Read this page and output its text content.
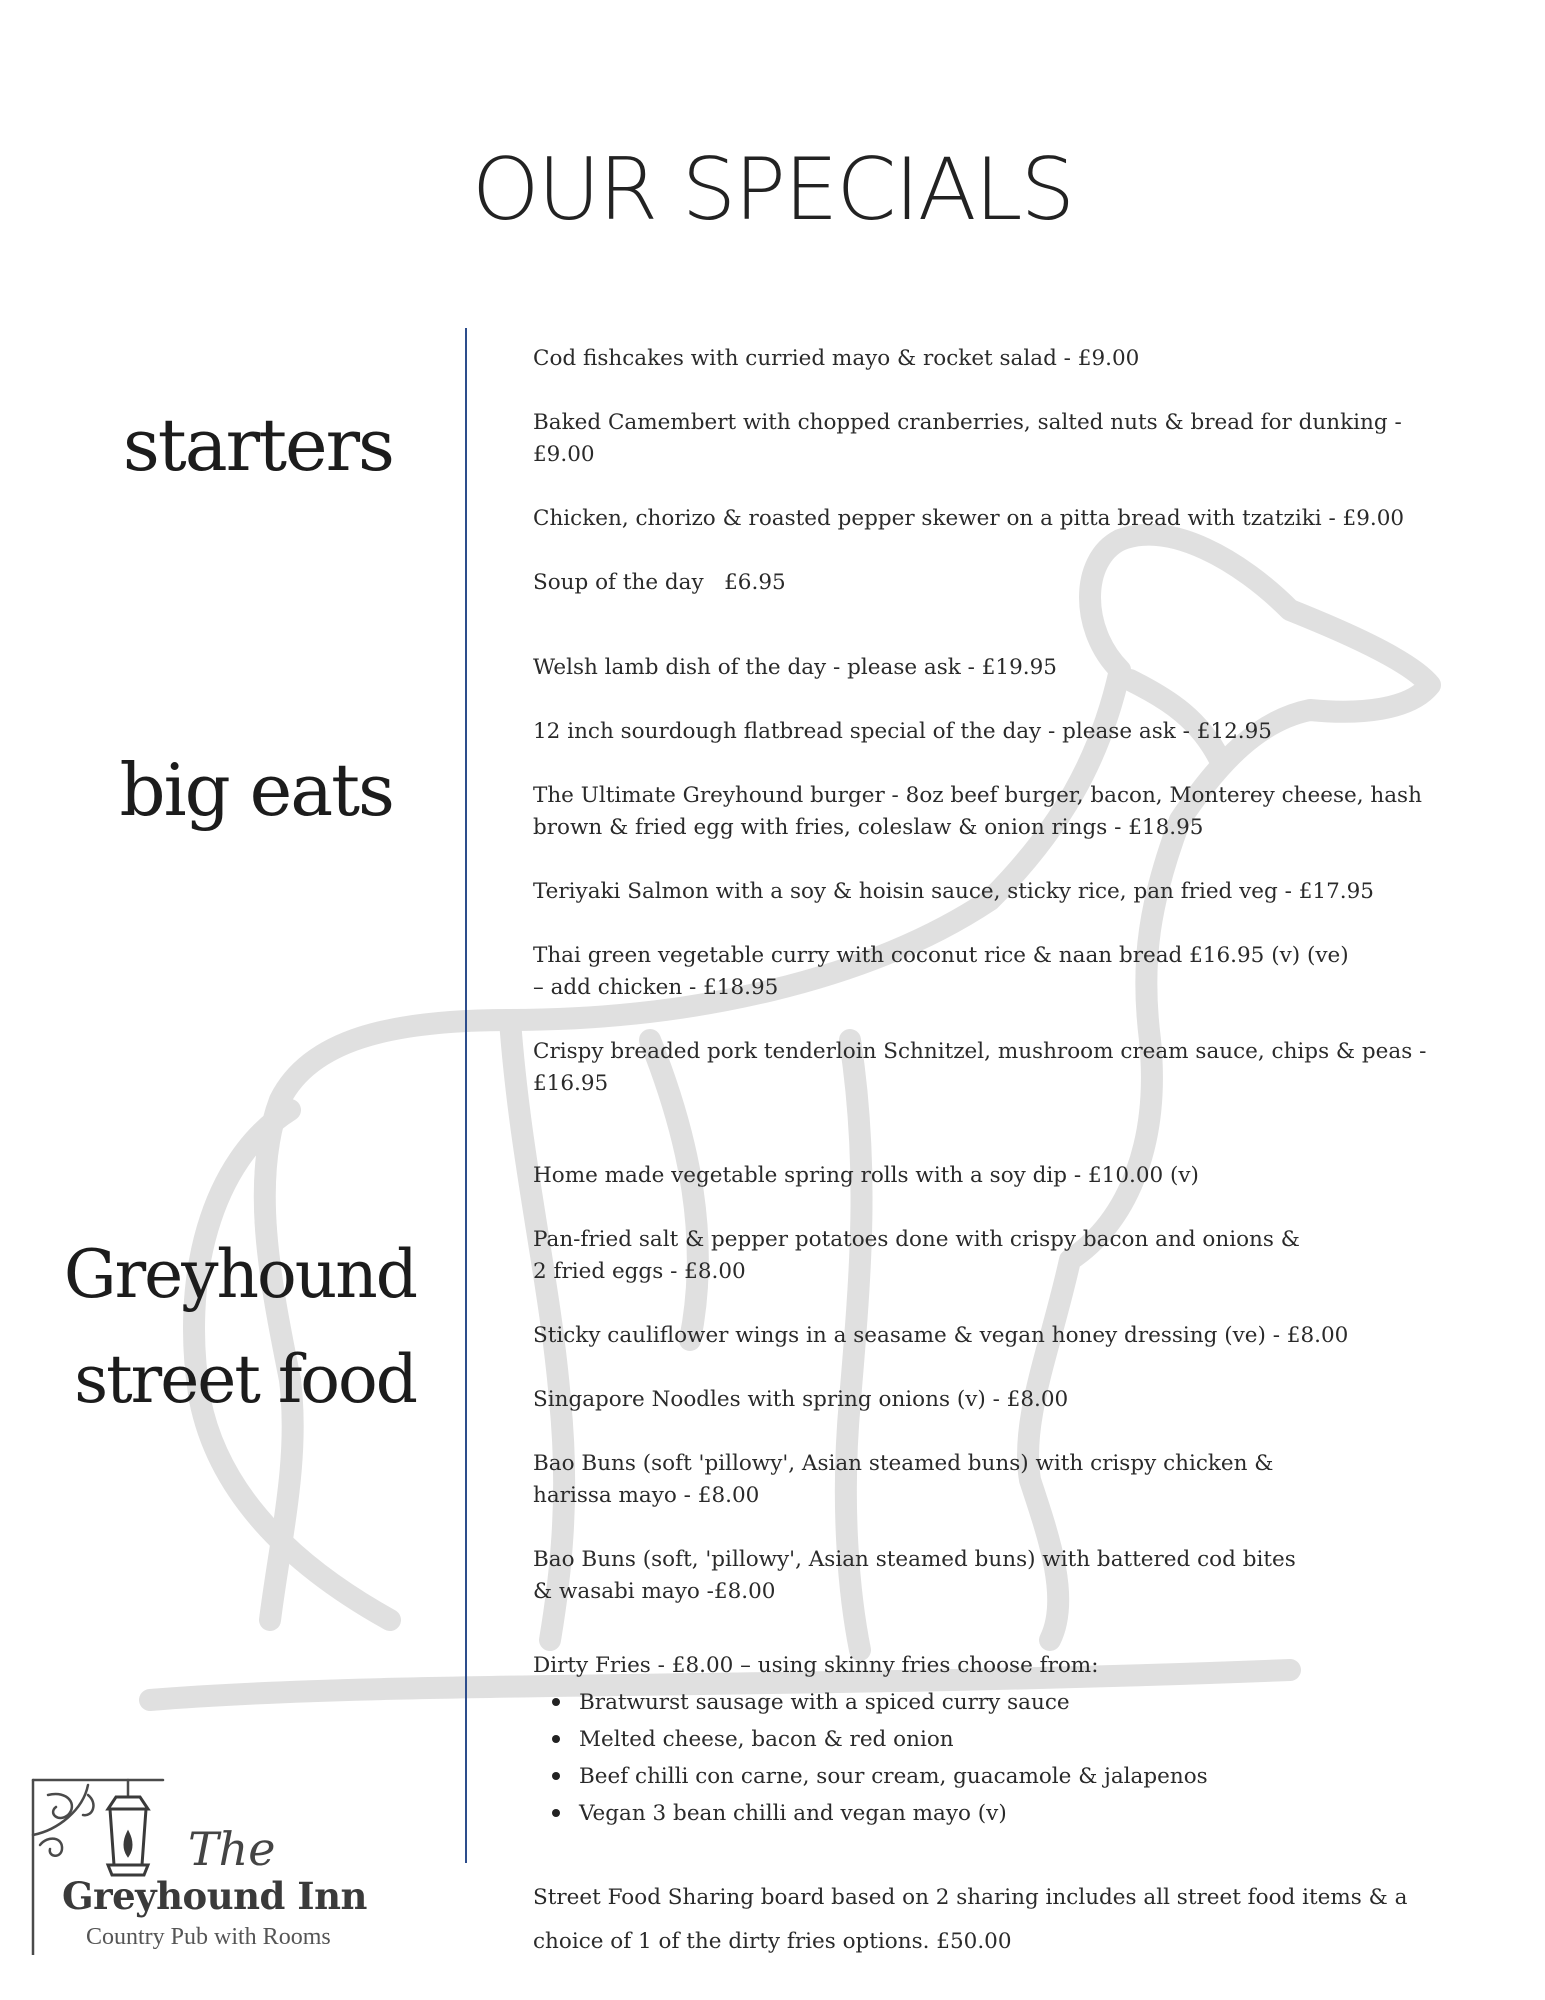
OUR SPECIALS
starters
big eats
Greyhound
street food
Cod fishcakes with curried mayo & rocket salad - £9.00
Baked Camembert with chopped cranberries, salted nuts & bread for dunking -
£9.00
Chicken, chorizo & roasted pepper skewer on a pitta bread with tzatziki - £9.00
Soup of the day   £6.95
Welsh lamb dish of the day - please ask - £19.95
12 inch sourdough flatbread special of the day - please ask - £12.95
The Ultimate Greyhound burger - 8oz beef burger, bacon, Monterey cheese, hash
brown & fried egg with fries, coleslaw & onion rings - £18.95
Teriyaki Salmon with a soy & hoisin sauce, sticky rice, pan fried veg - £17.95
Thai green vegetable curry with coconut rice & naan bread £16.95 (v) (ve)
– add chicken - £18.95
Crispy breaded pork tenderloin Schnitzel, mushroom cream sauce, chips & peas -
£16.95
Home made vegetable spring rolls with a soy dip - £10.00 (v)
Pan-fried salt & pepper potatoes done with crispy bacon and onions &
2 fried eggs - £8.00
Sticky cauliflower wings in a seasame & vegan honey dressing (ve) - £8.00
Singapore Noodles with spring onions (v) - £8.00
Bao Buns (soft 'pillowy', Asian steamed buns) with crispy chicken &
harissa mayo - £8.00
Bao Buns (soft, 'pillowy', Asian steamed buns) with battered cod bites
& wasabi mayo -£8.00
Dirty Fries - £8.00 – using skinny fries choose from:
Bratwurst sausage with a spiced curry sauce
Melted cheese, bacon & red onion
Beef chilli con carne, sour cream, guacamole & jalapenos
Vegan 3 bean chilli and vegan mayo (v)
Street Food Sharing board based on 2 sharing includes all street food items & a
choice of 1 of the dirty fries options. £50.00
The
Greyhound Inn
Country Pub with Rooms
